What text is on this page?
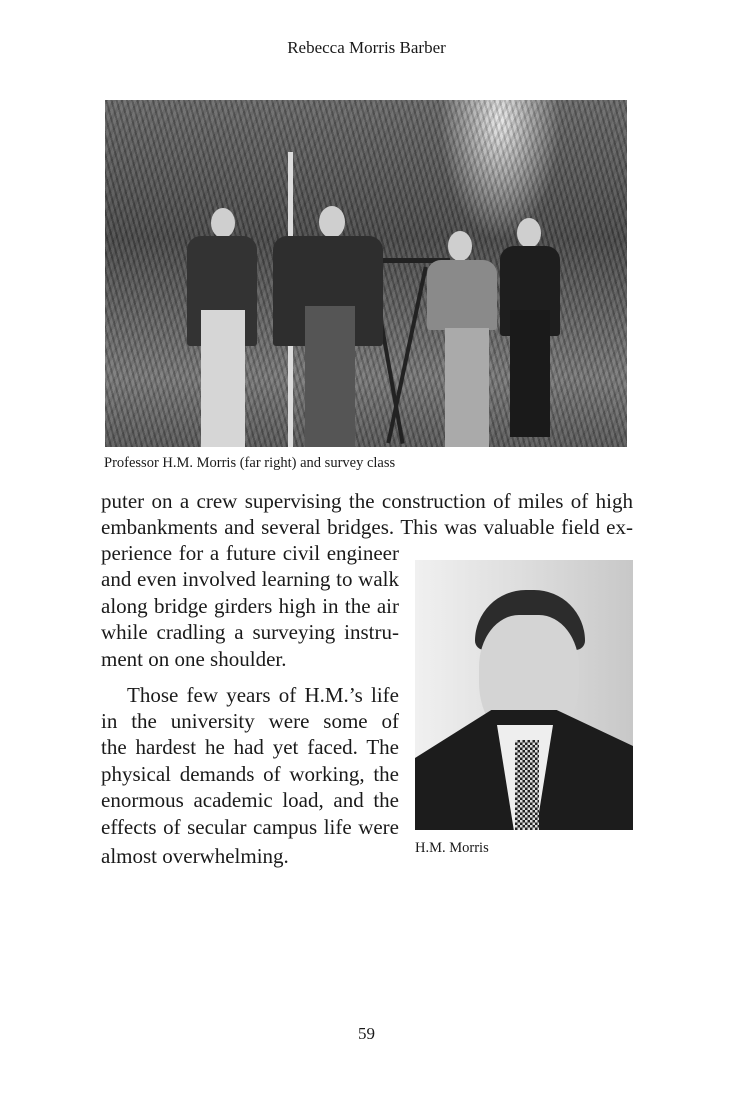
Rebecca Morris Barber
Professor H.M. Morris (far right) and survey class
H.M. Morris
puter on a crew supervising the construction of miles of high
embankments and several bridges. This was valuable field ex-
perience for a future civil engineer
and even involved learning to walk
along bridge girders high in the air
while cradling a surveying instru-
ment on one shoulder.
Those few years of H.M.’s life
in the university were some of
the hardest he had yet faced. The
physical demands of working, the
enormous academic load, and the
effects of secular campus life were
almost overwhelming.
59
